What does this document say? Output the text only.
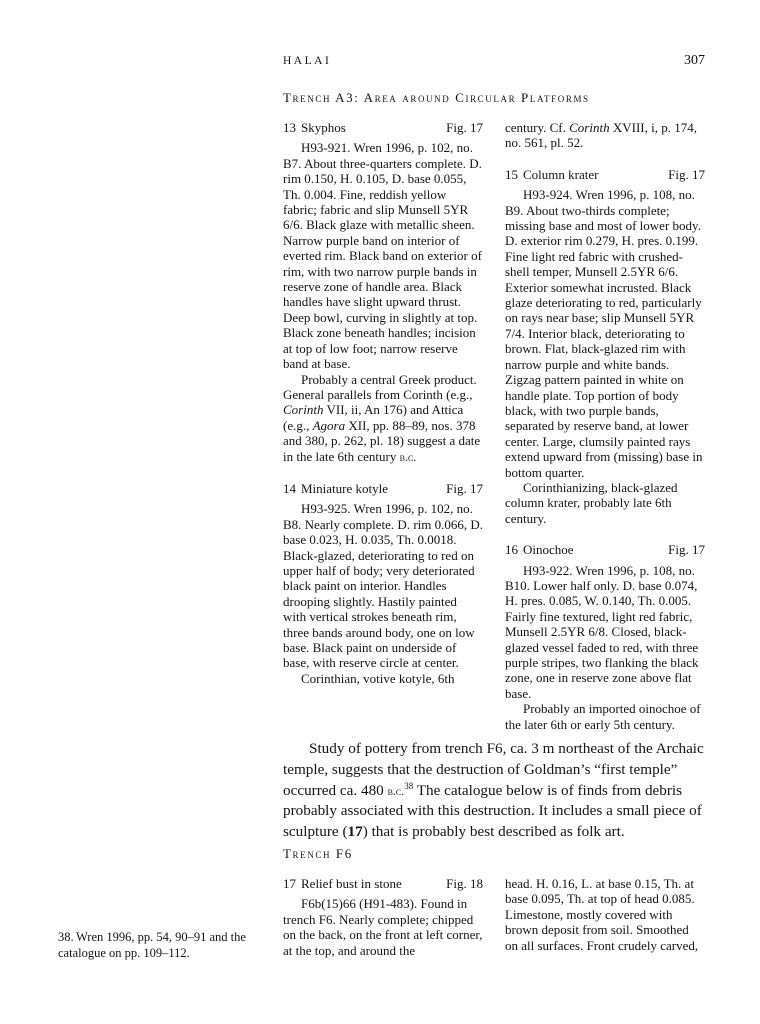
HALAI	307
Trench A3: Area around Circular Platforms
13 Skyphos	Fig. 17

H93-921. Wren 1996, p. 102, no. B7. About three-quarters complete. D. rim 0.150, H. 0.105, D. base 0.055, Th. 0.004. Fine, reddish yellow fabric; fabric and slip Munsell 5YR 6/6. Black glaze with metallic sheen. Narrow purple band on interior of everted rim. Black band on exterior of rim, with two narrow purple bands in reserve zone of handle area. Black handles have slight upward thrust. Deep bowl, curving in slightly at top. Black zone beneath handles; incision at top of low foot; narrow reserve band at base.

Probably a central Greek product. General parallels from Corinth (e.g., Corinth VII, ii, An 176) and Attica (e.g., Agora XII, pp. 88–89, nos. 378 and 380, p. 262, pl. 18) suggest a date in the late 6th century b.c.

14 Miniature kotyle	Fig. 17

H93-925. Wren 1996, p. 102, no. B8. Nearly complete. D. rim 0.066, D. base 0.023, H. 0.035, Th. 0.0018. Black-glazed, deteriorating to red on upper half of body; very deteriorated black paint on interior. Handles drooping slightly. Hastily painted with vertical strokes beneath rim, three bands around body, one on low base. Black paint on underside of base, with reserve circle at center.

Corinthian, votive kotyle, 6th

century. Cf. Corinth XVIII, i, p. 174, no. 561, pl. 52.

15 Column krater	Fig. 17

H93-924. Wren 1996, p. 108, no. B9. About two-thirds complete; missing base and most of lower body. D. exterior rim 0.279, H. pres. 0.199. Fine light red fabric with crushed-shell temper, Munsell 2.5YR 6/6. Exterior somewhat incrusted. Black glaze deteriorating to red, particularly on rays near base; slip Munsell 5YR 7/4. Interior black, deteriorating to brown. Flat, black-glazed rim with narrow purple and white bands. Zigzag pattern painted in white on handle plate. Top portion of body black, with two purple bands, separated by reserve band, at lower center. Large, clumsily painted rays extend upward from (missing) base in bottom quarter.

Corinthianizing, black-glazed column krater, probably late 6th century.

16 Oinochoe	Fig. 17

H93-922. Wren 1996, p. 108, no. B10. Lower half only. D. base 0.074, H. pres. 0.085, W. 0.140, Th. 0.005. Fairly fine textured, light red fabric, Munsell 2.5YR 6/8. Closed, black-glazed vessel faded to red, with three purple stripes, two flanking the black zone, one in reserve zone above flat base.

Probably an imported oinochoe of the later 6th or early 5th century.

Study of pottery from trench F6, ca. 3 m northeast of the Archaic temple, suggests that the destruction of Goldman’s “first temple” occurred ca. 480 b.c.$^{38}$ The catalogue below is of finds from debris probably associated with this destruction. It includes a small piece of sculpture (17) that is probably best described as folk art.

Trench F6
17 Relief bust in stone	Fig. 18

F6b(15)66 (H91-483). Found in trench F6. Nearly complete; chipped on the back, on the front at left corner, at the top, and around the

head. H. 0.16, L. at base 0.15, Th. at base 0.095, Th. at top of head 0.085. Limestone, mostly covered with brown deposit from soil. Smoothed on all surfaces. Front crudely carved,

38. Wren 1996, pp. 54, 90–91 and the catalogue on pp. 109–112.
